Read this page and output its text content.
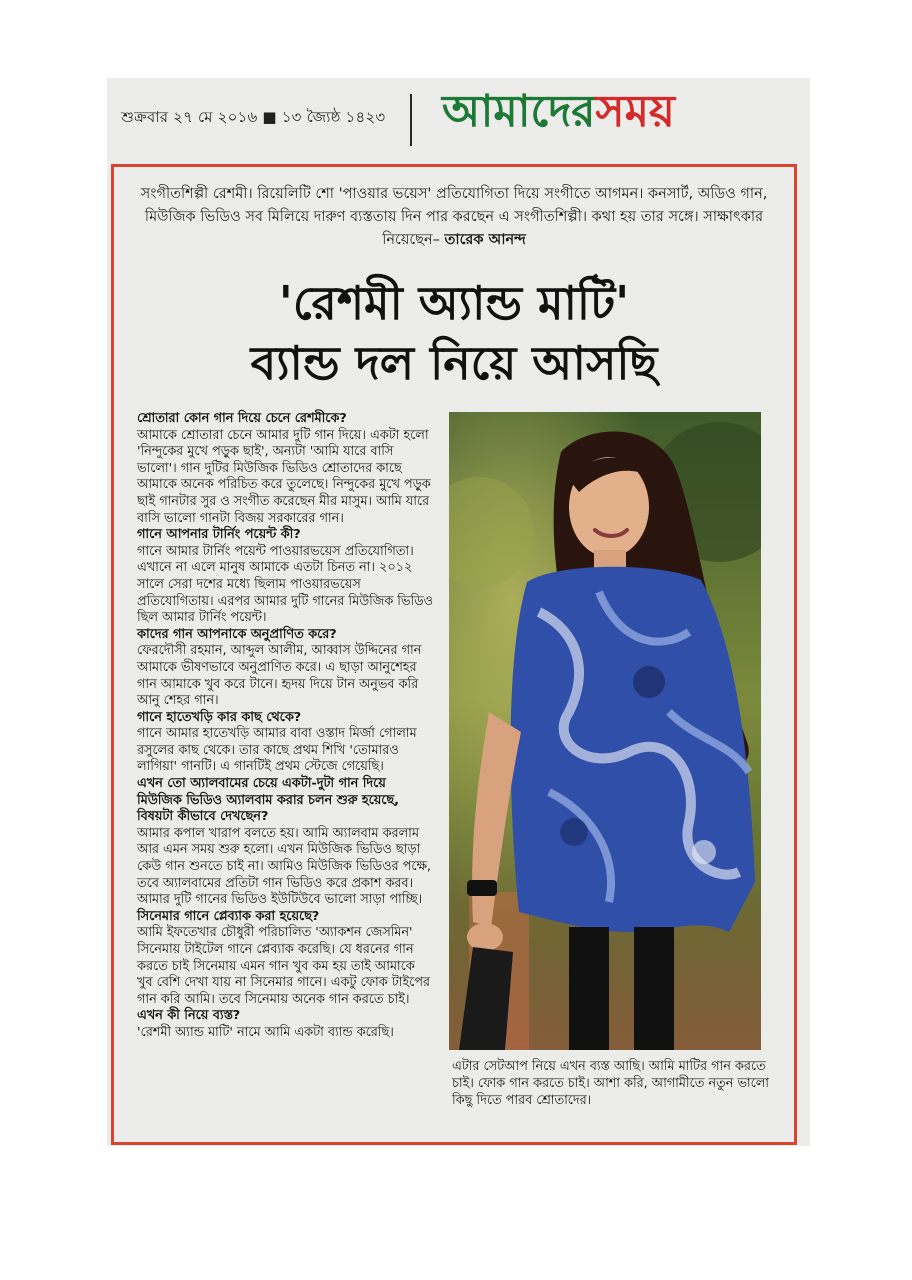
শুক্রবার ২৭ মে ২০১৬ ■ ১৩ জ্যৈষ্ঠ ১৪২৩ আমাদেরসময়
সংগীতশিল্পী রেশমী। রিয়েলিটি শো 'পাওয়ার ভয়েস' প্রতিযোগিতা দিয়ে সংগীতে আগমন। কনসার্ট, অডিও গান, মিউজিক ভিডিও সব মিলিয়ে দারুণ ব্যস্ততায় দিন পার করছেন এ সংগীতশিল্পী। কথা হয় তার সঙ্গে। সাক্ষাৎকার নিয়েছেন– তারেক আনন্দ
'রেশমী অ্যান্ড মাটি'
ব্যান্ড দল নিয়ে আসছি

শ্রোতারা কোন গান দিয়ে চেনে রেশমীকে?

আমাকে শ্রোতারা চেনে আমার দুটি গান দিয়ে। একটা হলো 'নিন্দুকের মুখে পড়ুক ছাই', অন্যটা 'আমি যারে বাসি ভালো'। গান দুটির মিউজিক ভিডিও শ্রোতাদের কাছে আমাকে অনেক পরিচিত করে তুলেছে। নিন্দুকের মুখে পড়ুক ছাই গানটার সুর ও সংগীত করেছেন মীর মাসুম। আমি যারে বাসি ভালো গানটা বিজয় সরকারের গান।

গানে আপনার টার্নিং পয়েন্ট কী?

গানে আমার টার্নিং পয়েন্ট পাওয়ারভয়েস প্রতিযোগিতা। এখানে না এলে মানুষ আমাকে এতটা চিনত না। ২০১২ সালে সেরা দশের মধ্যে ছিলাম পাওয়ারভয়েস প্রতিযোগিতায়। এরপর আমার দুটি গানের মিউজিক ভিডিও ছিল আমার টার্নিং পয়েন্ট।

কাদের গান আপনাকে অনুপ্রাণিত করে?

ফেরদৌসী রহমান, আব্দুল আলীম, আব্বাস উদ্দিনের গান আমাকে ভীষণভাবে অনুপ্রাণিত করে। এ ছাড়া আনুশেহর গান আমাকে খুব করে টানে। হৃদয় দিয়ে টান অনুভব করি আনু শেহর গান।

গানে হাতেখড়ি কার কাছ থেকে?

গানে আমার হাতেখড়ি আমার বাবা ওস্তাদ মির্জা গোলাম রসুলের কাছ থেকে। তার কাছে প্রথম শিখি 'তোমারও লাগিয়া' গানটি। এ গানটিই প্রথম স্টেজে গেয়েছি।

এখন তো অ্যালবামের চেয়ে একটা-দুটা গান দিয়ে মিউজিক ভিডিও অ্যালবাম করার চলন শুরু হয়েছে, বিষয়টা কীভাবে দেখছেন?

আমার কপাল খারাপ বলতে হয়। আমি অ্যালবাম করলাম আর এমন সময় শুরু হলো। এখন মিউজিক ভিডিও ছাড়া কেউ গান শুনতে চাই না। আমিও মিউজিক ভিডিওর পক্ষে, তবে অ্যালবামের প্রতিটা গান ভিডিও করে প্রকাশ করব। আমার দুটি গানের ভিডিও ইউটিউবে ভালো সাড়া পাচ্ছি।

সিনেমার গানে প্লেব্যাক করা হয়েছে?

আমি ইফতেখার চৌধুরী পরিচালিত 'অ্যাকশন জেসমিন' সিনেমায় টাইটেল গানে প্লেব্যাক করেছি। যে ধরনের গান করতে চাই সিনেমায় এমন গান খুব কম হয় তাই আমাকে খুব বেশি দেখা যায় না সিনেমার গানে। একটু ফোক টাইপের গান করি আমি। তবে সিনেমায় অনেক গান করতে চাই।

এখন কী নিয়ে ব্যস্ত?

'রেশমী অ্যান্ড মাটি' নামে আমি একটা ব্যান্ড করেছি।

এটার সেটআপ নিয়ে এখন ব্যস্ত আছি। আমি মাটির গান করতে চাই। ফোক গান করতে চাই। আশা করি, আগামীতে নতুন ভালো কিছু দিতে পারব শ্রোতাদের।
